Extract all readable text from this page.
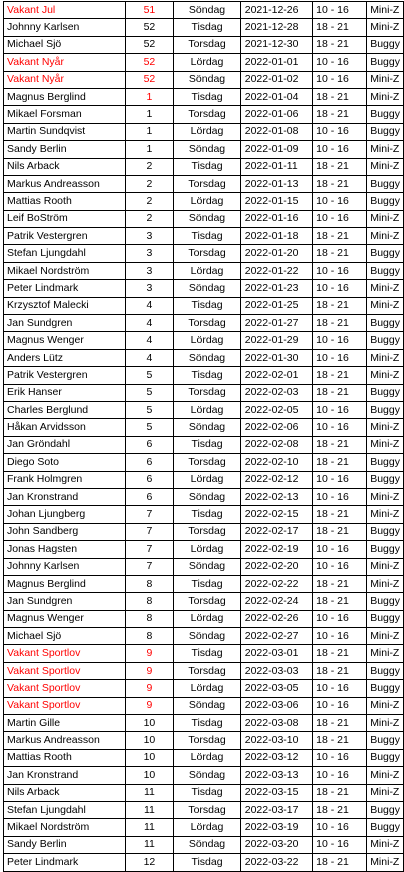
Vakant Jul	51	Söndag	2021-12-26	10 - 16	Mini-Z
Johnny Karlsen	52	Tisdag	2021-12-28	18 - 21	Mini-Z
Michael Sjö	52	Torsdag	2021-12-30	18 - 21	Buggy
Vakant Nyår	52	Lördag	2022-01-01	10 - 16	Buggy
Vakant Nyår	52	Söndag	2022-01-02	10 - 16	Mini-Z
Magnus Berglind	1	Tisdag	2022-01-04	18 - 21	Mini-Z
Mikael Forsman	1	Torsdag	2022-01-06	18 - 21	Buggy
Martin Sundqvist	1	Lördag	2022-01-08	10 - 16	Buggy
Sandy Berlin	1	Söndag	2022-01-09	10 - 16	Mini-Z
Nils Arback	2	Tisdag	2022-01-11	18 - 21	Mini-Z
Markus Andreasson	2	Torsdag	2022-01-13	18 - 21	Buggy
Mattias Rooth	2	Lördag	2022-01-15	10 - 16	Buggy
Leif BoStröm	2	Söndag	2022-01-16	10 - 16	Mini-Z
Patrik Vestergren	3	Tisdag	2022-01-18	18 - 21	Mini-Z
Stefan Ljungdahl	3	Torsdag	2022-01-20	18 - 21	Buggy
Mikael Nordström	3	Lördag	2022-01-22	10 - 16	Buggy
Peter Lindmark	3	Söndag	2022-01-23	10 - 16	Mini-Z
Krzysztof Malecki	4	Tisdag	2022-01-25	18 - 21	Mini-Z
Jan Sundgren	4	Torsdag	2022-01-27	18 - 21	Buggy
Magnus Wenger	4	Lördag	2022-01-29	10 - 16	Buggy
Anders Lütz	4	Söndag	2022-01-30	10 - 16	Mini-Z
Patrik Vestergren	5	Tisdag	2022-02-01	18 - 21	Mini-Z
Erik Hanser	5	Torsdag	2022-02-03	18 - 21	Buggy
Charles Berglund	5	Lördag	2022-02-05	10 - 16	Buggy
Håkan Arvidsson	5	Söndag	2022-02-06	10 - 16	Mini-Z
Jan Gröndahl	6	Tisdag	2022-02-08	18 - 21	Mini-Z
Diego Soto	6	Torsdag	2022-02-10	18 - 21	Buggy
Frank Holmgren	6	Lördag	2022-02-12	10 - 16	Buggy
Jan Kronstrand	6	Söndag	2022-02-13	10 - 16	Mini-Z
Johan Ljungberg	7	Tisdag	2022-02-15	18 - 21	Mini-Z
John Sandberg	7	Torsdag	2022-02-17	18 - 21	Buggy
Jonas Hagsten	7	Lördag	2022-02-19	10 - 16	Buggy
Johnny Karlsen	7	Söndag	2022-02-20	10 - 16	Mini-Z
Magnus Berglind	8	Tisdag	2022-02-22	18 - 21	Mini-Z
Jan Sundgren	8	Torsdag	2022-02-24	18 - 21	Buggy
Magnus Wenger	8	Lördag	2022-02-26	10 - 16	Buggy
Michael Sjö	8	Söndag	2022-02-27	10 - 16	Mini-Z
Vakant Sportlov	9	Tisdag	2022-03-01	18 - 21	Mini-Z
Vakant Sportlov	9	Torsdag	2022-03-03	18 - 21	Buggy
Vakant Sportlov	9	Lördag	2022-03-05	10 - 16	Buggy
Vakant Sportlov	9	Söndag	2022-03-06	10 - 16	Mini-Z
Martin Gille	10	Tisdag	2022-03-08	18 - 21	Mini-Z
Markus Andreasson	10	Torsdag	2022-03-10	18 - 21	Buggy
Mattias Rooth	10	Lördag	2022-03-12	10 - 16	Buggy
Jan Kronstrand	10	Söndag	2022-03-13	10 - 16	Mini-Z
Nils Arback	11	Tisdag	2022-03-15	18 - 21	Mini-Z
Stefan Ljungdahl	11	Torsdag	2022-03-17	18 - 21	Buggy
Mikael Nordström	11	Lördag	2022-03-19	10 - 16	Buggy
Sandy Berlin	11	Söndag	2022-03-20	10 - 16	Mini-Z
Peter Lindmark	12	Tisdag	2022-03-22	18 - 21	Mini-Z
